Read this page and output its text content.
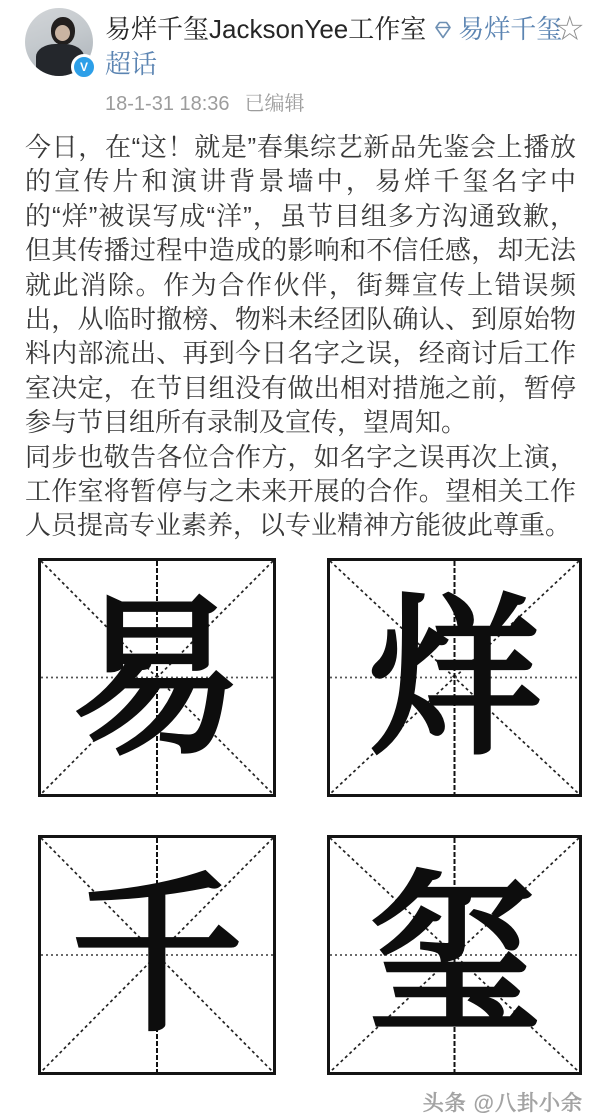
V
易烊千玺JacksonYee工作室 易烊千玺超话
☆
18-1-31 18:36 已编辑

今日，在“这！就是”春集综艺新品先鉴会上播放的宣传片和演讲背景墙中，易烊千玺名字中的“烊”被误写成“洋”，虽节目组多方沟通致歉，但其传播过程中造成的影响和不信任感，却无法就此消除。作为合作伙伴，街舞宣传上错误频出，从临时撤榜、物料未经团队确认、到原始物料内部流出、再到今日名字之误，经商讨后工作室决定，在节目组没有做出相对措施之前，暂停参与节目组所有录制及宣传，望周知。

同步也敬告各位合作方，如名字之误再次上演，工作室将暂停与之未来开展的合作。望相关工作人员提高专业素养，以专业精神方能彼此尊重。

易 烊
千 玺
头条 @八卦小余
